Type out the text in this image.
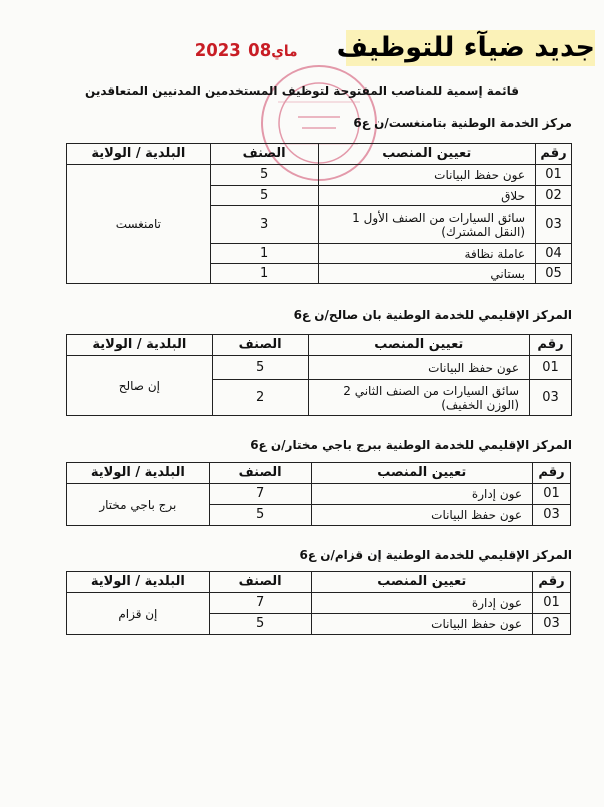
جديد ضيآء للتوظيف
2023 ماي08
قائمة إسمية للمناصب المفتوحة لتوظيف المستخدمين المدنيين المتعاقدين
مركز الخدمة الوطنية بتامنغست/ن ع6
رقم	تعيين المنصب	الصنف	البلدية / الولاية
01	عون حفظ البيانات	5	تامنغست
02	حلاق	5	
03	سائق السيارات من الصنف الأول 1 (النقل المشترك)	3	
04	عاملة نظافة	1	
05	بستاني	1	
المركز الإقليمي للخدمة الوطنية بان صالح/ن ع6
رقم	تعيين المنصب	الصنف	البلدية / الولاية
01	عون حفظ البيانات	5	إن صالح
03	سائق السيارات من الصنف الثاني 2 (الوزن الخفيف)	2	
المركز الإقليمي للخدمة الوطنية ببرج باجي مختار/ن ع6
رقم	تعيين المنصب	الصنف	البلدية / الولاية
01	عون إدارة	7	برج باجي مختار
03	عون حفظ البيانات	5	
المركز الإقليمي للخدمة الوطنية إن قزام/ن ع6
رقم	تعيين المنصب	الصنف	البلدية / الولاية
01	عون إدارة	7	إن قزام
03	عون حفظ البيانات	5	
